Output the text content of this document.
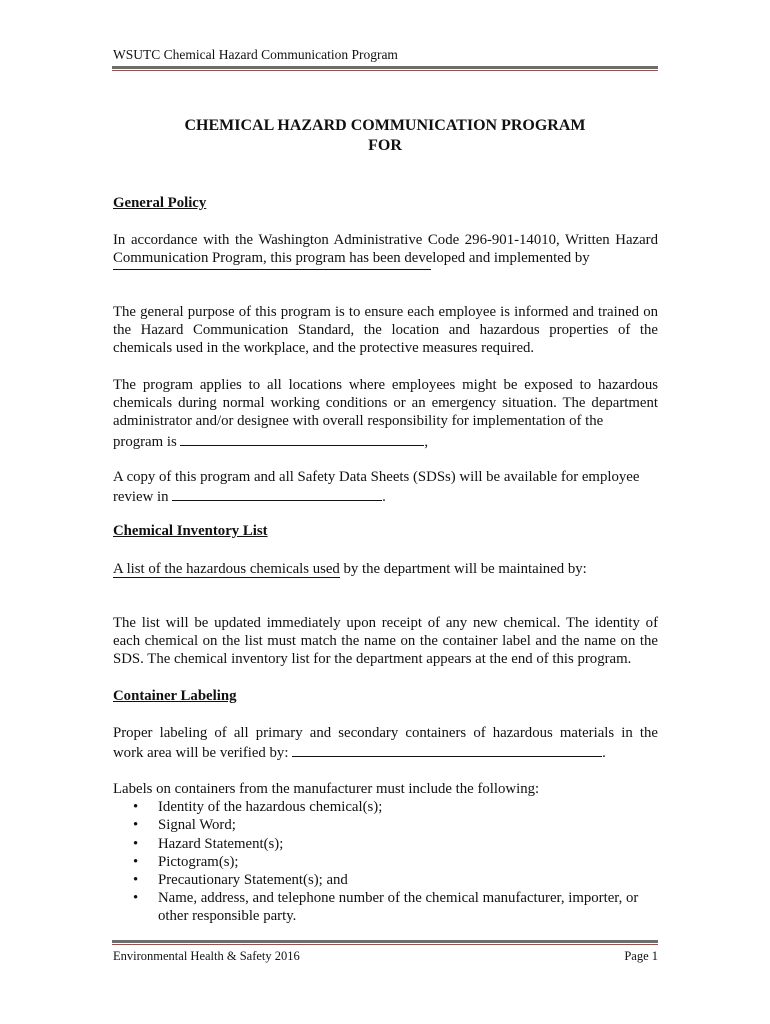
WSUTC Chemical Hazard Communication Program
CHEMICAL HAZARD COMMUNICATION PROGRAM
FOR
General Policy
In accordance with the Washington Administrative Code 296-901-14010, Written Hazard
Communication Program, this program has been developed and implemented by
The general purpose of this program is to ensure each employee is informed and trained on the Hazard Communication Standard, the location and hazardous properties of the chemicals used in the workplace, and the protective measures required.
The program applies to all locations where employees might be exposed to hazardous chemicals during normal working conditions or an emergency situation. The department administrator and/or designee with overall responsibility for implementation of the
program is	,
A copy of this program and all Safety Data Sheets (SDSs) will be available for employee
review in	.
Chemical Inventory List
A list of the hazardous chemicals used by the department will be maintained by:
The list will be updated immediately upon receipt of any new chemical. The identity of each chemical on the list must match the name on the container label and the name on the SDS. The chemical inventory list for the department appears at the end of this program.
Container Labeling
Proper labeling of all primary and secondary containers of hazardous materials in the
work area will be verified by:	.
Labels on containers from the manufacturer must include the following:
• Identity of the hazardous chemical(s);
• Signal Word;
• Hazard Statement(s);
• Pictogram(s);
• Precautionary Statement(s); and
• Name, address, and telephone number of the chemical manufacturer, importer, or other responsible party.
Environmental Health & Safety 2016	Page 1
